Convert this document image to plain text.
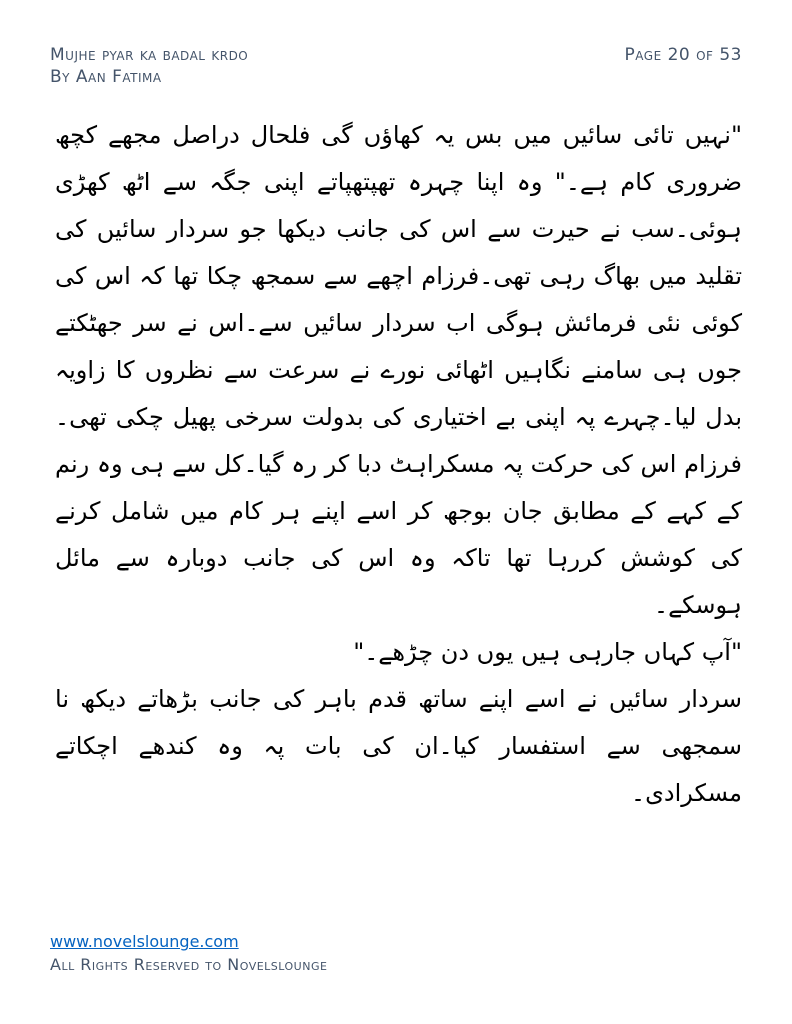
Mujhe pyar ka badal krdo
By Aan Fatima
Page 20 of 53

"نہیں تائی سائیں میں بس یہ کھاؤں گی فلحال دراصل مجھے کچھ ضروری کام ہے۔" وہ اپنا چہرہ تھپتھپاتے اپنی جگہ سے اٹھ کھڑی ہوئی۔سب نے حیرت سے اس کی جانب دیکھا جو سردار سائیں کی تقلید میں بھاگ رہی تھی۔فرزام اچھے سے سمجھ چکا تھا کہ اس کی کوئی نئی فرمائش ہوگی اب سردار سائیں سے۔اس نے سر جھٹکتے جوں ہی سامنے نگاہیں اٹھائی نورے نے سرعت سے نظروں کا زاویہ بدل لیا۔چہرے پہ اپنی بے اختیاری کی بدولت سرخی پھیل چکی تھی۔فرزام اس کی حرکت پہ مسکراہٹ دبا کر رہ گیا۔کل سے ہی وہ رنم کے کہے کے مطابق جان بوجھ کر اسے اپنے ہر کام میں شامل کرنے کی کوشش کررہا تھا تاکہ وہ اس کی جانب دوبارہ سے مائل ہوسکے۔

"آپ کہاں جارہی ہیں یوں دن چڑھے۔"

سردار سائیں نے اسے اپنے ساتھ قدم باہر کی جانب بڑھاتے دیکھ نا سمجھی سے استفسار کیا۔ان کی بات پہ وہ کندھے اچکاتے مسکرادی۔

www.novelslounge.com
All Rights Reserved to Novelslounge
